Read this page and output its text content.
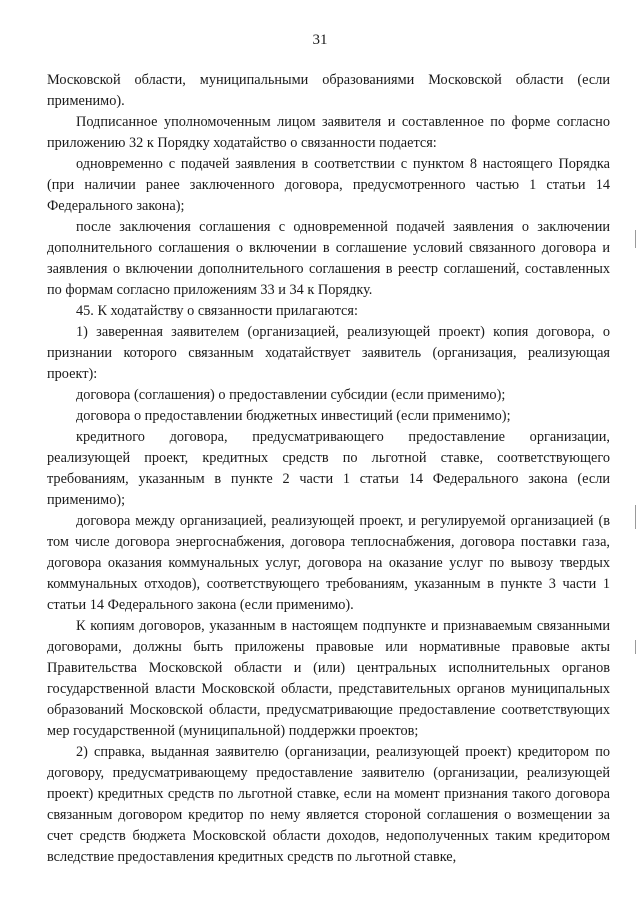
31

Московской области, муниципальными образованиями Московской области (если применимо).

Подписанное уполномоченным лицом заявителя и составленное по форме согласно приложению 32 к Порядку ходатайство о связанности подается:

одновременно с подачей заявления в соответствии с пунктом 8 настоящего Порядка (при наличии ранее заключенного договора, предусмотренного частью 1 статьи 14 Федерального закона);

после заключения соглашения с одновременной подачей заявления о заключении дополнительного соглашения о включении в соглашение условий связанного договора и заявления о включении дополнительного соглашения в реестр соглашений, составленных по формам согласно приложениям 33 и 34 к Порядку.

45. К ходатайству о связанности прилагаются:

1) заверенная заявителем (организацией, реализующей проект) копия договора, о признании которого связанным ходатайствует заявитель (организация, реализующая проект):

договора (соглашения) о предоставлении субсидии (если применимо);

договора о предоставлении бюджетных инвестиций (если применимо);

кредитного договора, предусматривающего предоставление организации, реализующей проект, кредитных средств по льготной ставке, соответствующего требованиям, указанным в пункте 2 части 1 статьи 14 Федерального закона (если применимо);

договора между организацией, реализующей проект, и регулируемой организацией (в том числе договора энергоснабжения, договора теплоснабжения, договора поставки газа, договора оказания коммунальных услуг, договора на оказание услуг по вывозу твердых коммунальных отходов), соответствующего требованиям, указанным в пункте 3 части 1 статьи 14 Федерального закона (если применимо).

К копиям договоров, указанным в настоящем подпункте и признаваемым связанными договорами, должны быть приложены правовые или нормативные правовые акты Правительства Московской области и (или) центральных исполнительных органов государственной власти Московской области, представительных органов муниципальных образований Московской области, предусматривающие предоставление соответствующих мер государственной (муниципальной) поддержки проектов;

2) справка, выданная заявителю (организации, реализующей проект) кредитором по договору, предусматривающему предоставление заявителю (организации, реализующей проект) кредитных средств по льготной ставке, если на момент признания такого договора связанным договором кредитор по нему является стороной соглашения о возмещении за счет средств бюджета Московской области доходов, недополученных таким кредитором вследствие предоставления кредитных средств по льготной ставке,
